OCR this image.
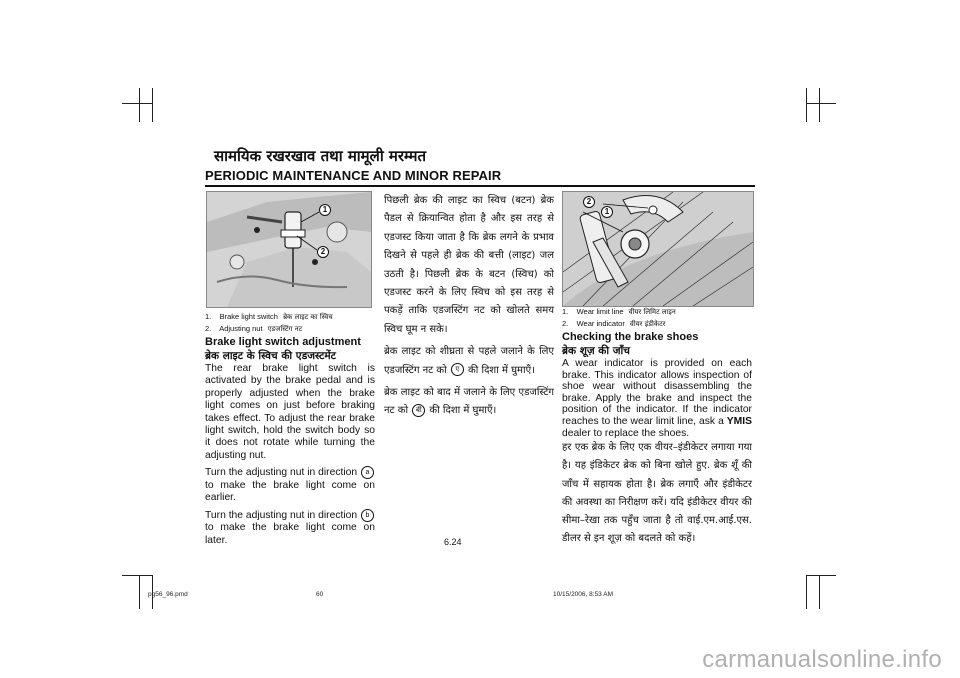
सामयिक रखरखाव तथा मामूली मरम्मत
PERIODIC MAINTENANCE AND MINOR REPAIR
1
2
1. Brake light switch ब्रेक लाइट का स्विच
2. Adjusting nut एडजस्टिंग नट
Brake light switch adjustment
ब्रेक लाइट के स्विच की एडजस्टमेंट
The rear brake light switch is activated by the brake pedal and is properly adjusted when the brake light comes on just before braking takes effect. To adjust the rear brake light switch, hold the switch body so it does not rotate while turning the adjusting nut.
Turn the adjusting nut in direction a to make the brake light come on earlier.
Turn the adjusting nut in direction b to make the brake light come on later.
पिछली ब्रेक की लाइट का स्विच (बटन) ब्रेक पैडल से क्रियान्वित होता है और इस तरह से एडजस्ट किया जाता है कि ब्रेक लगने के प्रभाव दिखने से पहले ही ब्रेक की बत्ती (लाइट) जल उठती है। पिछली ब्रेक के बटन (स्विच) को एडजस्ट करने के लिए स्विच को इस तरह से पकड़ें ताकि एडजस्टिंग नट को खोलते समय स्विच घूम न सके।
ब्रेक लाइट को शीघ्रता से पहले जलाने के लिए एडजस्टिंग नट को ए की दिशा में घुमाएँ।
ब्रेक लाइट को बाद में जलाने के लिए एडजस्टिंग नट को बी की दिशा में घुमाएँ।
2
1
1. Wear limit line वीयर लिमिट लाइन
2. Wear indicator वीयर इंडीकेटर
Checking the brake shoes
ब्रेक शूज़ की जाँच
A wear indicator is provided on each brake. This indicator allows inspection of shoe wear without disassembling the brake. Apply the brake and inspect the position of the indicator. If the indicator reaches to the wear limit line, ask a YMIS dealer to replace the shoes.
हर एक ब्रेक के लिए एक वीयर–इंडीकेटर लगाया गया है। यह इंडिकेटर ब्रेक को बिना खोले हुए. ब्रेक शूँ की जाँच में सहायक होता है। ब्रेक लगाएँ और इंडीकेटर की अवस्था का निरीक्षण करें। यदि इंडीकेटर वीयर की सीमा–रेखा तक पहुँच जाता है तो वाई.एम.आई.एस. डीलर से इन शूज़ को बदलते को कहें।
6.24
pg56_96.pmd	60	10/15/2006, 8:53 AM
carmanualsonline.info
